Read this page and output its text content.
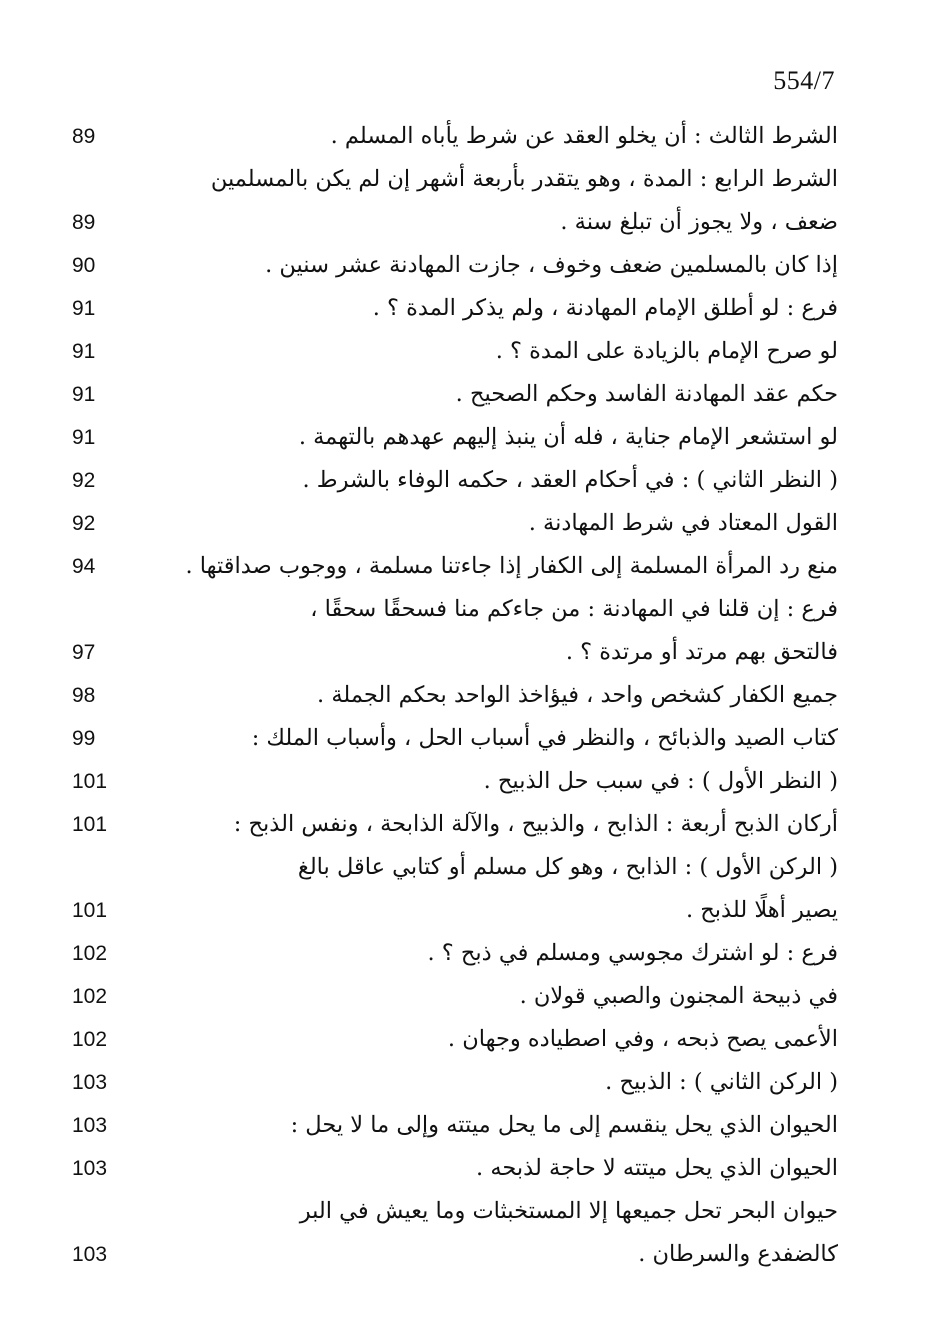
554/7
الشرط الثالث : أن يخلو العقد عن شرط يأباه المسلم .
89
الشرط الرابع : المدة ، وهو يتقدر بأربعة أشهر إن لم يكن بالمسلمين
ضعف ، ولا يجوز أن تبلغ سنة .
89
إذا كان بالمسلمين ضعف وخوف ، جازت المهادنة عشر سنين .
90
فرع : لو أطلق الإمام المهادنة ، ولم يذكر المدة ؟ .
91
لو صرح الإمام بالزيادة على المدة ؟ .
91
حكم عقد المهادنة الفاسد وحكم الصحيح .
91
لو استشعر الإمام جناية ، فله أن ينبذ إليهم عهدهم بالتهمة .
91
( النظر الثاني ) : في أحكام العقد ، حكمه الوفاء بالشرط .
92
القول المعتاد في شرط المهادنة .
92
منع رد المرأة المسلمة إلى الكفار إذا جاءتنا مسلمة ، ووجوب صداقتها .
94
فرع : إن قلنا في المهادنة : من جاءكم منا فسحقًا سحقًا ،
فالتحق بهم مرتد أو مرتدة ؟ .
97
جميع الكفار كشخص واحد ، فيؤاخذ الواحد بحكم الجملة .
98
كتاب الصيد والذبائح ، والنظر في أسباب الحل ، وأسباب الملك :
99
( النظر الأول ) : في سبب حل الذبيح .
101
أركان الذبح أربعة : الذابح ، والذبيح ، والآلة الذابحة ، ونفس الذبح :
101
( الركن الأول ) : الذابح ، وهو كل مسلم أو كتابي عاقل بالغ
يصير أهلًا للذبح .
101
فرع : لو اشترك مجوسي ومسلم في ذبح ؟ .
102
في ذبيحة المجنون والصبي قولان .
102
الأعمى يصح ذبحه ، وفي اصطياده وجهان .
102
( الركن الثاني ) : الذبيح .
103
الحيوان الذي يحل ينقسم إلى ما يحل ميتته وإلى ما لا يحل :
103
الحيوان الذي يحل ميتته لا حاجة لذبحه .
103
حيوان البحر تحل جميعها إلا المستخبثات وما يعيش في البر
كالضفدع والسرطان .
103
